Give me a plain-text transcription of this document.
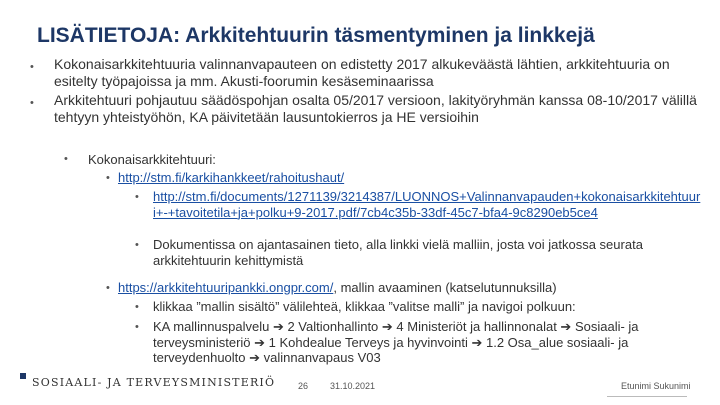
LISÄTIETOJA: Arkkitehtuurin täsmentyminen ja linkkejä
• Kokonaisarkkitehtuuria valinnanvapauteen on edistetty 2017 alkukeväästä lähtien, arkkitehtuuria on esitelty työpajoissa ja mm. Akusti-foorumin kesäseminaarissa
• Arkkitehtuuri pohjautuu säädöspohjan osalta 05/2017 versioon, lakityöryhmän kanssa 08-10/2017 välillä tehtyyn yhteistyöhön, KA päivitetään lausuntokierros ja HE versioihin
• Kokonaisarkkitehtuuri:
• http://stm.fi/karkihankkeet/rahoitushaut/
• http://stm.fi/documents/1271139/3214387/LUONNOS+Valinnanvapauden+kokonaisarkkitehtuuri+-+tavoitetila+ja+polku+9-2017.pdf/7cb4c35b-33df-45c7-bfa4-9c8290eb5ce4
• Dokumentissa on ajantasainen tieto, alla linkki vielä malliin, josta voi jatkossa seurata arkkitehtuurin kehittymistä
• https://arkkitehtuuripankki.ongpr.com/, mallin avaaminen (katselutunnuksilla)
• klikkaa ”mallin sisältö” välilehteä, klikkaa ”valitse malli” ja navigoi polkuun:
• KA mallinnuspalvelu ➔ 2 Valtionhallinto ➔ 4 Ministeriöt ja hallinnonalat ➔ Sosiaali- ja terveysministeriö ➔ 1 Kohdealue Terveys ja hyvinvointi ➔ 1.2 Osa_alue sosiaali- ja terveydenhuolto ➔ valinnanvapaus V03
SOSIAALI- JA TERVEYSMINISTERIÖ	26 31.10.2021	Etunimi Sukunimi
